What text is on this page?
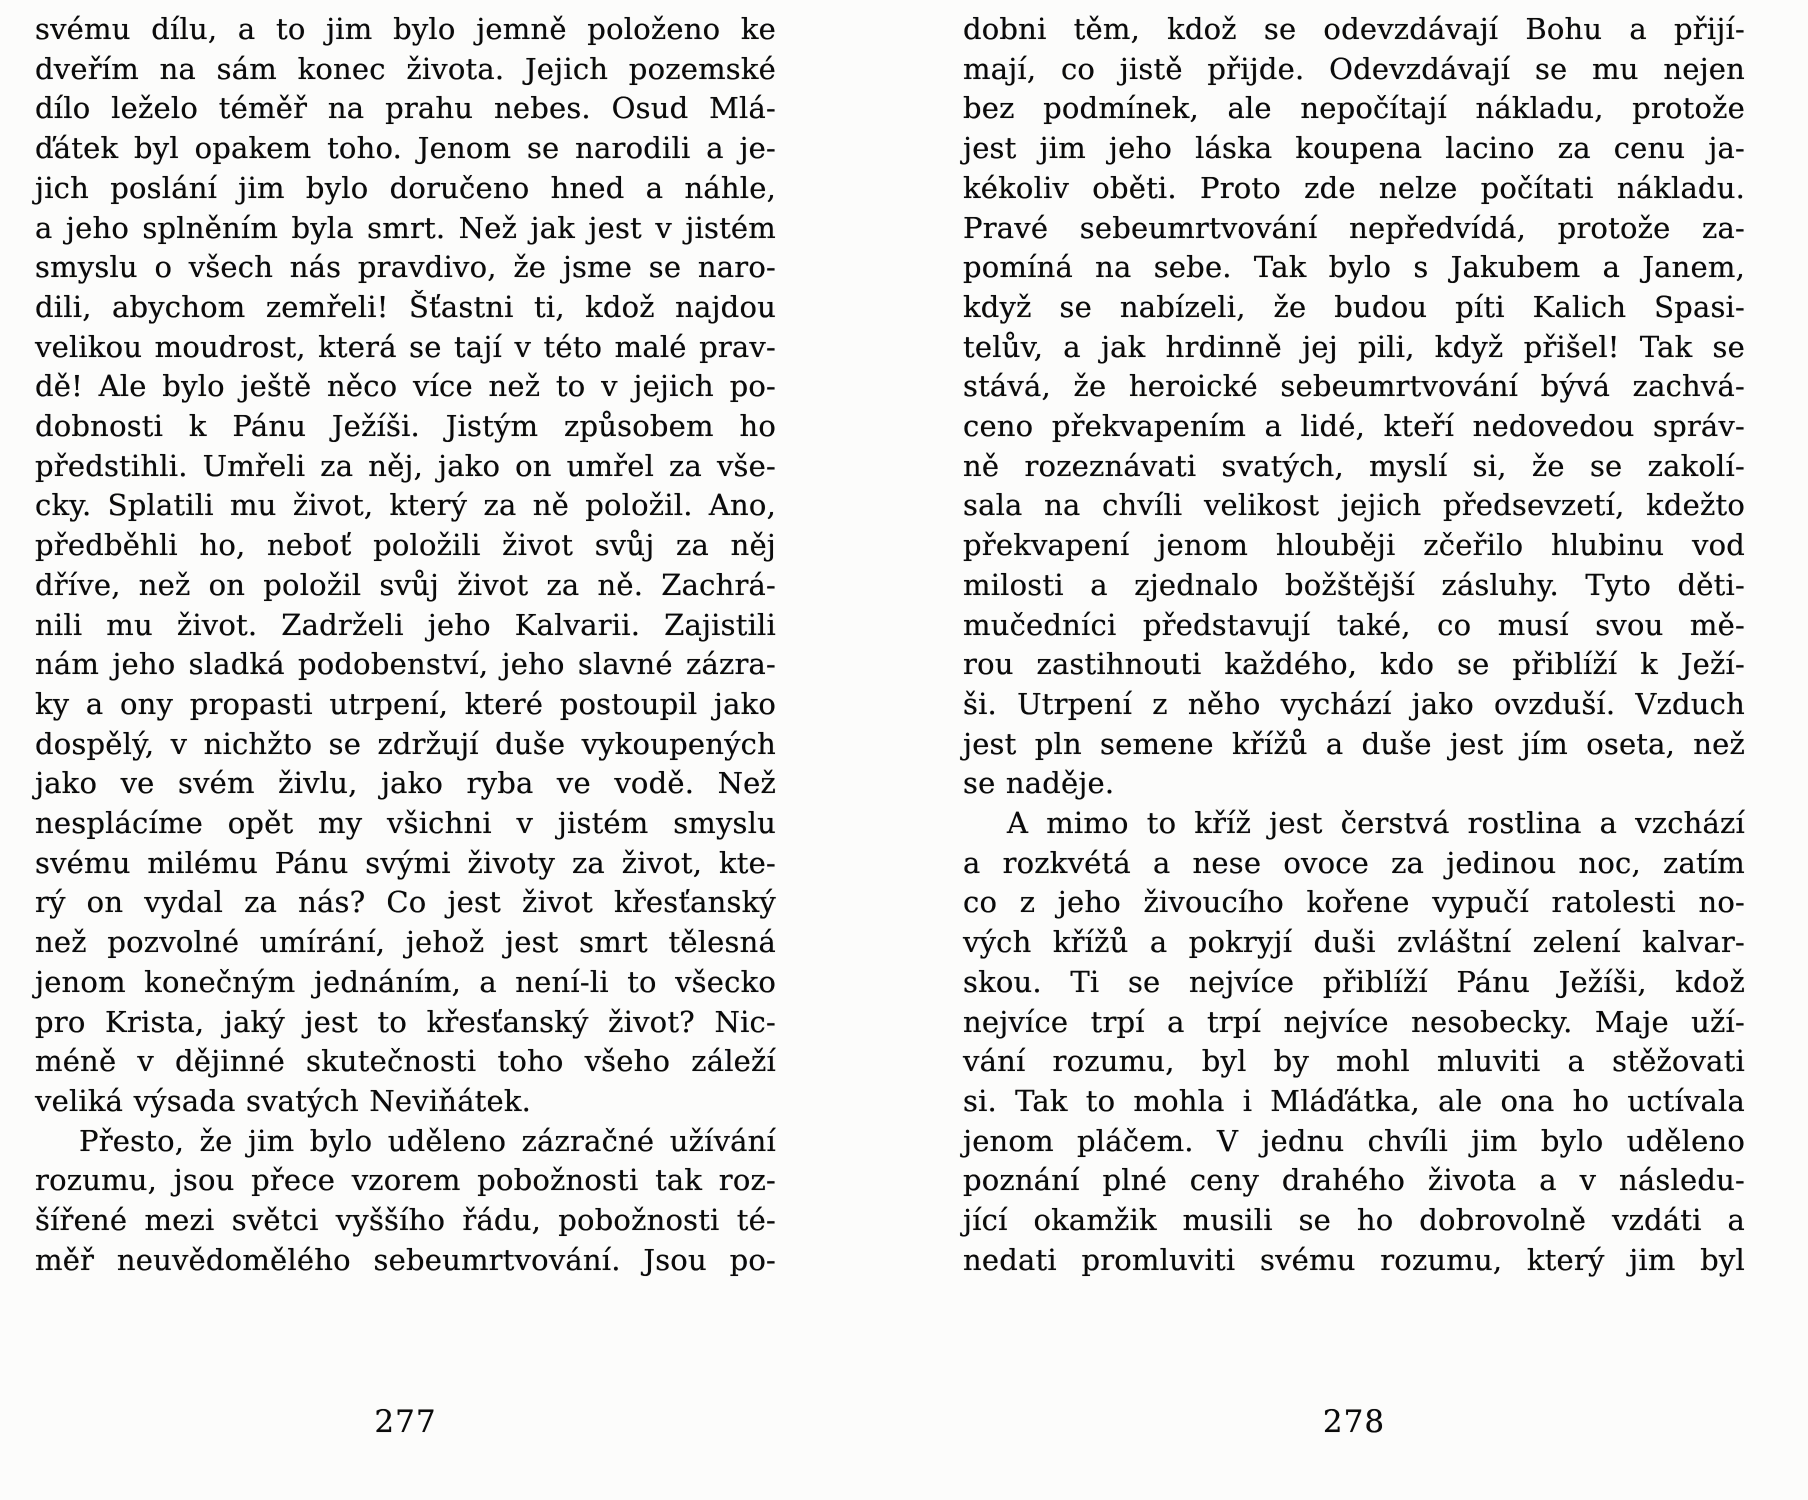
svému dílu, a to jim bylo jemně položeno ke
dveřím na sám konec života. Jejich pozemské
dílo leželo téměř na prahu nebes. Osud Mlá-
ďátek byl opakem toho. Jenom se narodili a je-
jich poslání jim bylo doručeno hned a náhle,
a jeho splněním byla smrt. Než jak jest v jistém
smyslu o všech nás pravdivo, že jsme se naro-
dili, abychom zemřeli! Šťastni ti, kdož najdou
velikou moudrost, která se tají v této malé prav-
dě! Ale bylo ještě něco více než to v jejich po-
dobnosti k Pánu Ježíši. Jistým způsobem ho
předstihli. Umřeli za něj, jako on umřel za vše-
cky. Splatili mu život, který za ně položil. Ano,
předběhli ho, neboť položili život svůj za něj
dříve, než on položil svůj život za ně. Zachrá-
nili mu život. Zadrželi jeho Kalvarii. Zajistili
nám jeho sladká podobenství, jeho slavné zázra-
ky a ony propasti utrpení, které postoupil jako
dospělý, v nichžto se zdržují duše vykoupených
jako ve svém živlu, jako ryba ve vodě. Než
nesplácíme opět my všichni v jistém smyslu
svému milému Pánu svými životy za život, kte-
rý on vydal za nás? Co jest život křesťanský
než pozvolné umírání, jehož jest smrt tělesná
jenom konečným jednáním, a není-li to všecko
pro Krista, jaký jest to křesťanský život? Nic-
méně v dějinné skutečnosti toho všeho záleží
veliká výsada svatých Neviňátek.
Přesto, že jim bylo uděleno zázračné užívání
rozumu, jsou přece vzorem pobožnosti tak roz-
šířené mezi světci vyššího řádu, pobožnosti té-
měř neuvědomělého sebeumrtvování. Jsou po-
277
dobni těm, kdož se odevzdávají Bohu a přijí-
mají, co jistě přijde. Odevzdávají se mu nejen
bez podmínek, ale nepočítají nákladu, protože
jest jim jeho láska koupena lacino za cenu ja-
kékoliv oběti. Proto zde nelze počítati nákladu.
Pravé sebeumrtvování nepředvídá, protože za-
pomíná na sebe. Tak bylo s Jakubem a Janem,
když se nabízeli, že budou píti Kalich Spasi-
telův, a jak hrdinně jej pili, když přišel! Tak se
stává, že heroické sebeumrtvování bývá zachvá-
ceno překvapením a lidé, kteří nedovedou správ-
ně rozeznávati svatých, myslí si, že se zakolí-
sala na chvíli velikost jejich předsevzetí, kdežto
překvapení jenom hlouběji zčeřilo hlubinu vod
milosti a zjednalo božštější zásluhy. Tyto děti-
mučedníci představují také, co musí svou mě-
rou zastihnouti každého, kdo se přiblíží k Ježí-
ši. Utrpení z něho vychází jako ovzduší. Vzduch
jest pln semene křížů a duše jest jím oseta, než
se naděje.
A mimo to kříž jest čerstvá rostlina a vzchází
a rozkvétá a nese ovoce za jedinou noc, zatím
co z jeho živoucího kořene vypučí ratolesti no-
vých křížů a pokryjí duši zvláštní zelení kalvar-
skou. Ti se nejvíce přiblíží Pánu Ježíši, kdož
nejvíce trpí a trpí nejvíce nesobecky. Maje uží-
vání rozumu, byl by mohl mluviti a stěžovati
si. Tak to mohla i Mláďátka, ale ona ho uctívala
jenom pláčem. V jednu chvíli jim bylo uděleno
poznání plné ceny drahého života a v následu-
jící okamžik musili se ho dobrovolně vzdáti a
nedati promluviti svému rozumu, který jim byl
278
